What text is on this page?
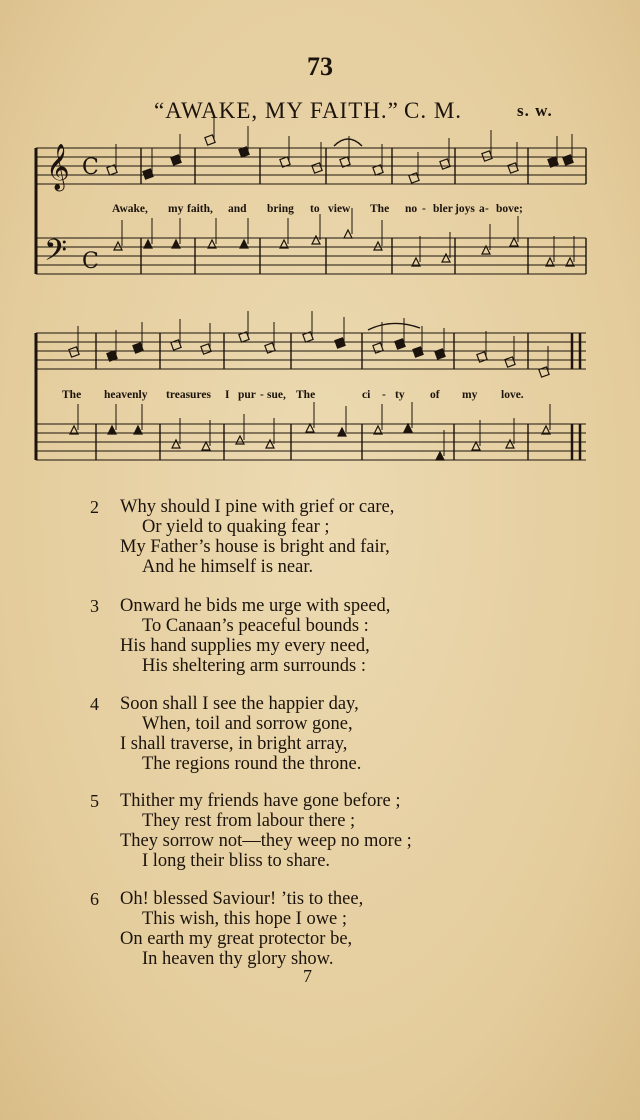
73
“AWAKE, MY FAITH.” C. M.	s. w.
𝄞
𝄢
C
C
Awake, my faith, and bring to view The no - bler joys a - bove;
The heavenly treasures I pur - sue, The	ci - ty of my love.
2 Why should I pine with grief or care,
Or yield to quaking fear ;
My Father’s house is bright and fair,
And he himself is near.
3 Onward he bids me urge with speed,
To Canaan’s peaceful bounds :
His hand supplies my every need,
His sheltering arm surrounds :
4 Soon shall I see the happier day,
When, toil and sorrow gone,
I shall traverse, in bright array,
The regions round the throne.
5 Thither my friends have gone before ;
They rest from labour there ;
They sorrow not—they weep no more ;
I long their bliss to share.
6 Oh! blessed Saviour! ’tis to thee,
This wish, this hope I owe ;
On earth my great protector be,
In heaven thy glory show.
7
